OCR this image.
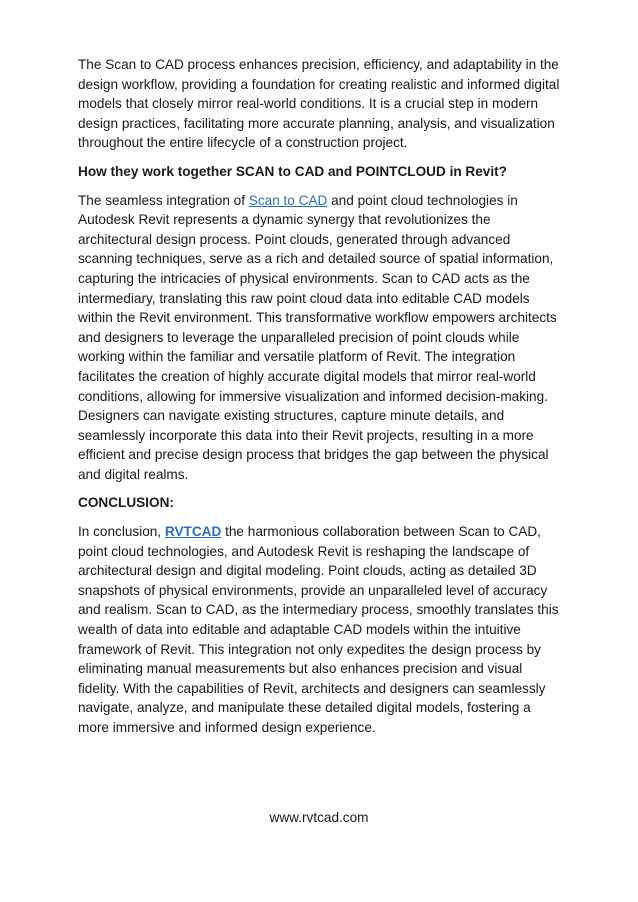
The Scan to CAD process enhances precision, efficiency, and adaptability in the design workflow, providing a foundation for creating realistic and informed digital models that closely mirror real-world conditions. It is a crucial step in modern design practices, facilitating more accurate planning, analysis, and visualization throughout the entire lifecycle of a construction project.

How they work together SCAN to CAD and POINTCLOUD in Revit?

The seamless integration of Scan to CAD and point cloud technologies in Autodesk Revit represents a dynamic synergy that revolutionizes the architectural design process. Point clouds, generated through advanced scanning techniques, serve as a rich and detailed source of spatial information, capturing the intricacies of physical environments. Scan to CAD acts as the intermediary, translating this raw point cloud data into editable CAD models within the Revit environment. This transformative workflow empowers architects and designers to leverage the unparalleled precision of point clouds while working within the familiar and versatile platform of Revit. The integration facilitates the creation of highly accurate digital models that mirror real-world conditions, allowing for immersive visualization and informed decision-making. Designers can navigate existing structures, capture minute details, and seamlessly incorporate this data into their Revit projects, resulting in a more efficient and precise design process that bridges the gap between the physical and digital realms.

CONCLUSION:

In conclusion, RVTCAD the harmonious collaboration between Scan to CAD, point cloud technologies, and Autodesk Revit is reshaping the landscape of architectural design and digital modeling. Point clouds, acting as detailed 3D snapshots of physical environments, provide an unparalleled level of accuracy and realism. Scan to CAD, as the intermediary process, smoothly translates this wealth of data into editable and adaptable CAD models within the intuitive framework of Revit. This integration not only expedites the design process by eliminating manual measurements but also enhances precision and visual fidelity. With the capabilities of Revit, architects and designers can seamlessly navigate, analyze, and manipulate these detailed digital models, fostering a more immersive and informed design experience.

www.rvtcad.com
